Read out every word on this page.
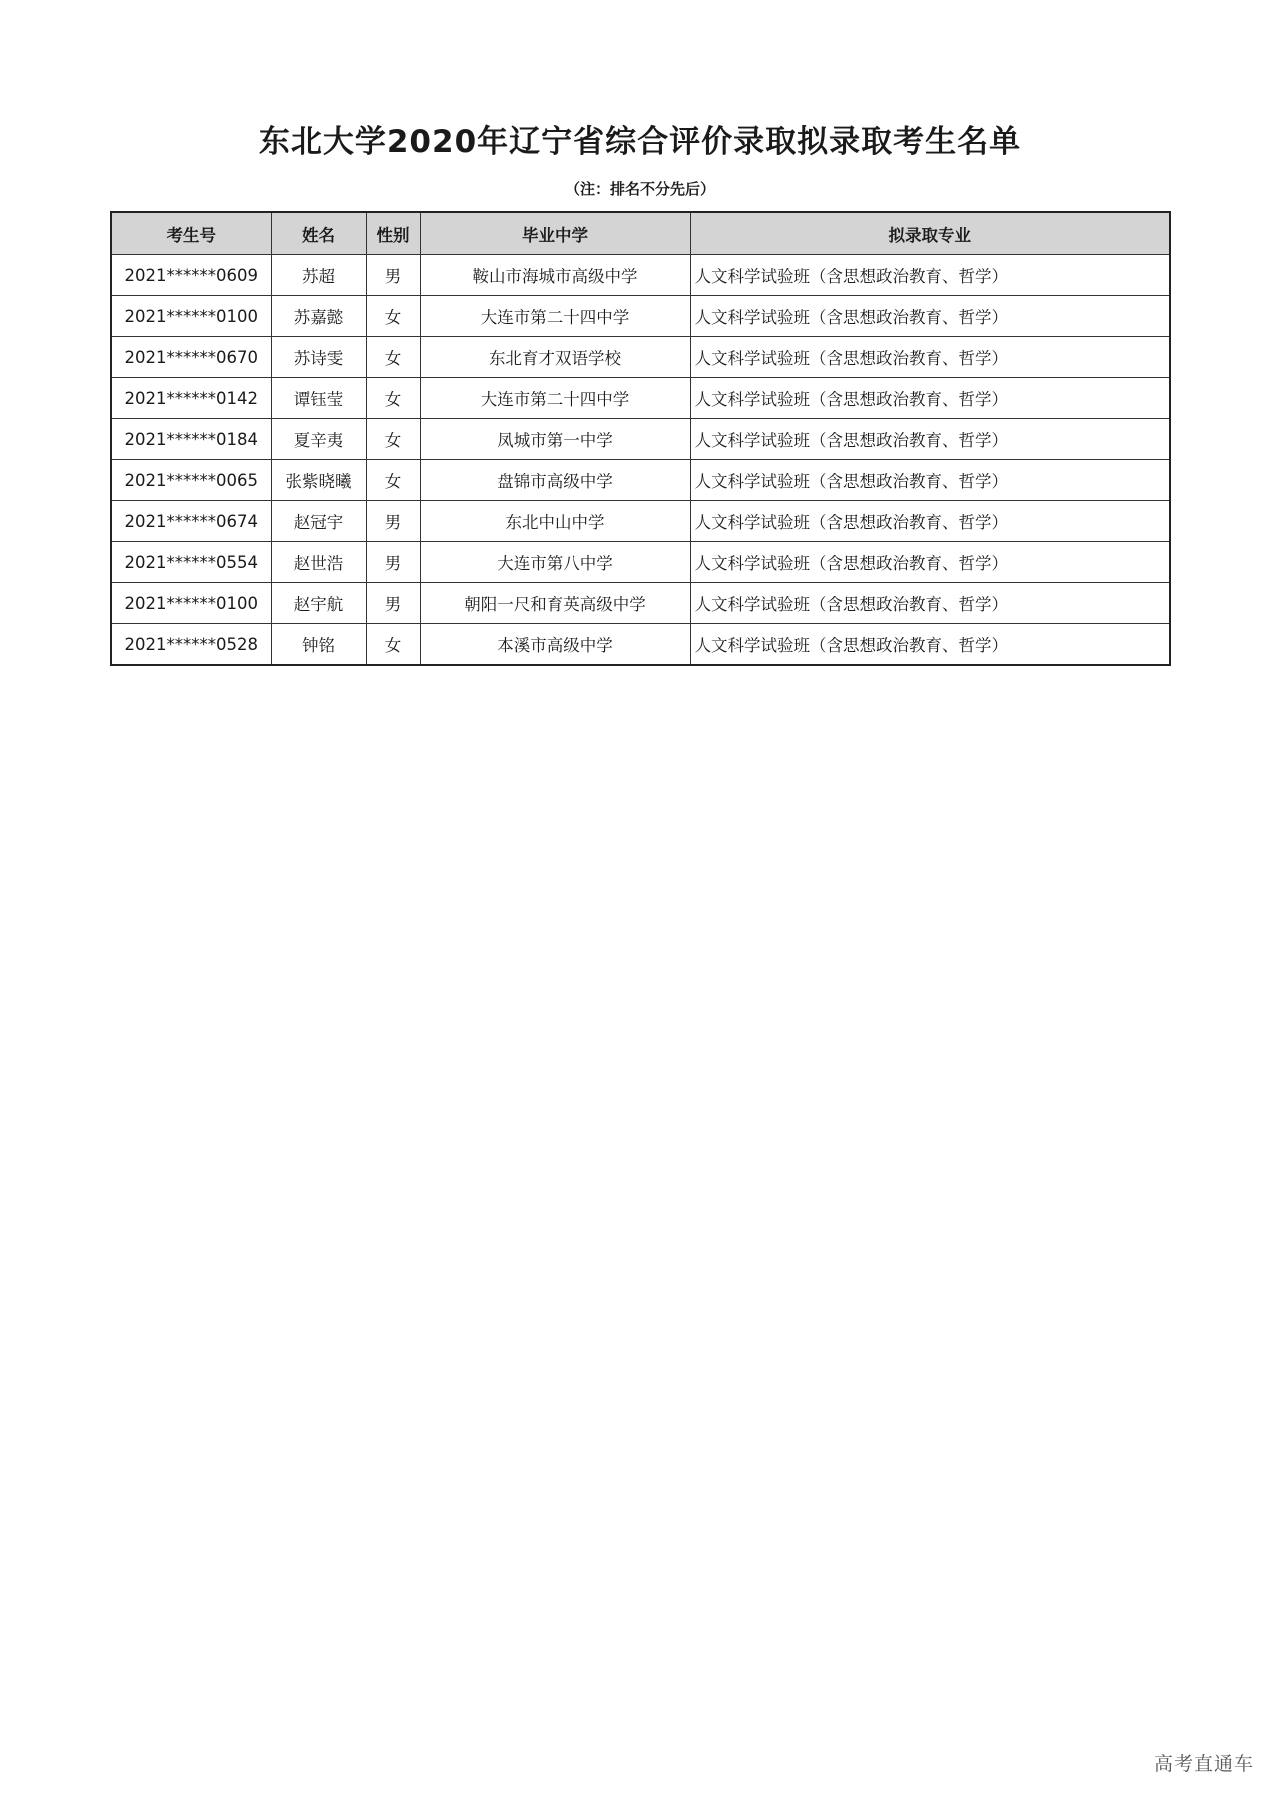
东北大学2020年辽宁省综合评价录取拟录取考生名单
（注：排名不分先后）
考生号	姓名	性别	毕业中学	拟录取专业
2021******0609	苏超	男	鞍山市海城市高级中学	人文科学试验班（含思想政治教育、哲学）
2021******0100	苏嘉懿	女	大连市第二十四中学	人文科学试验班（含思想政治教育、哲学）
2021******0670	苏诗雯	女	东北育才双语学校	人文科学试验班（含思想政治教育、哲学）
2021******0142	谭钰莹	女	大连市第二十四中学	人文科学试验班（含思想政治教育、哲学）
2021******0184	夏辛夷	女	凤城市第一中学	人文科学试验班（含思想政治教育、哲学）
2021******0065	张紫晓曦	女	盘锦市高级中学	人文科学试验班（含思想政治教育、哲学）
2021******0674	赵冠宇	男	东北中山中学	人文科学试验班（含思想政治教育、哲学）
2021******0554	赵世浩	男	大连市第八中学	人文科学试验班（含思想政治教育、哲学）
2021******0100	赵宇航	男	朝阳一尺和育英高级中学	人文科学试验班（含思想政治教育、哲学）
2021******0528	钟铭	女	本溪市高级中学	人文科学试验班（含思想政治教育、哲学）
高考直通车
